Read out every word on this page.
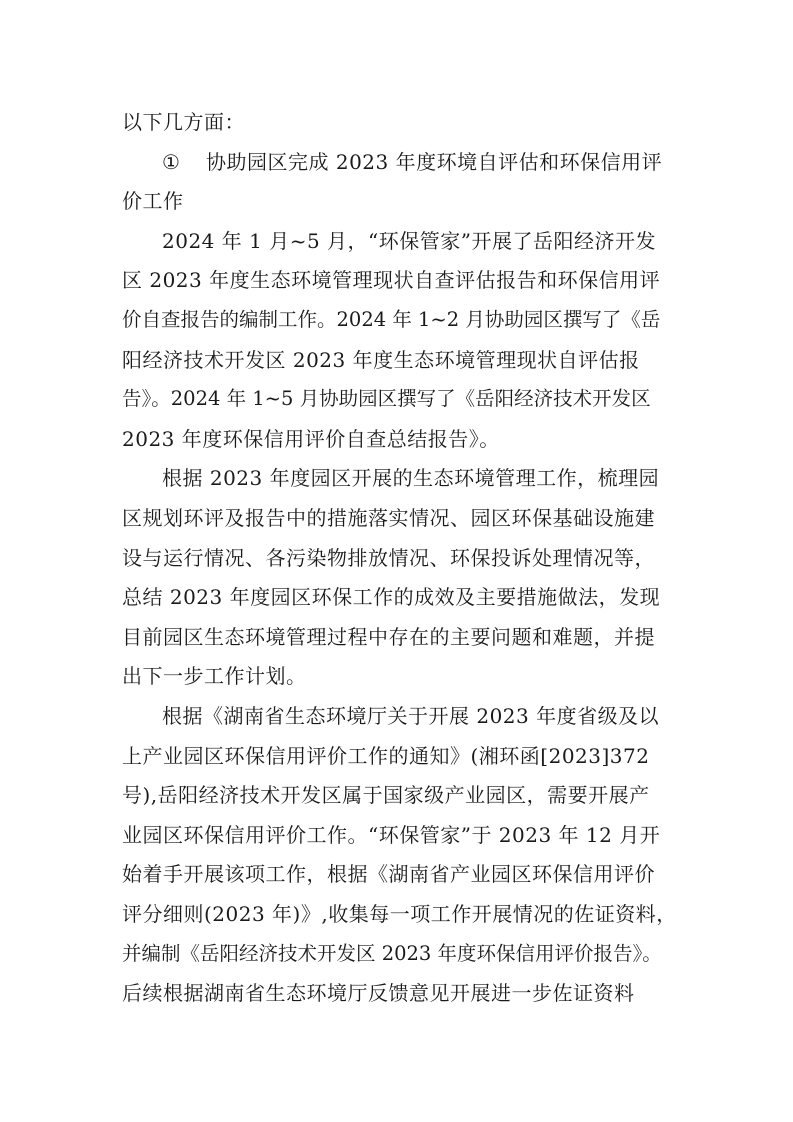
以下几方面：
① 协助园区完成 2023 年度环境自评估和环保信用评
价工作
2024 年 1 月~5 月，“环保管家”开展了岳阳经济开发
区 2023 年度生态环境管理现状自查评估报告和环保信用评
价自查报告的编制工作。2024 年 1~2 月协助园区撰写了《岳
阳经济技术开发区 2023 年度生态环境管理现状自评估报
告》。2024 年 1~5 月协助园区撰写了《岳阳经济技术开发区
2023 年度环保信用评价自查总结报告》。
根据 2023 年度园区开展的生态环境管理工作，梳理园
区规划环评及报告中的措施落实情况、园区环保基础设施建
设与运行情况、各污染物排放情况、环保投诉处理情况等，
总结 2023 年度园区环保工作的成效及主要措施做法，发现
目前园区生态环境管理过程中存在的主要问题和难题，并提
出下一步工作计划。
根据《湖南省生态环境厅关于开展 2023 年度省级及以
上产业园区环保信用评价工作的通知》(湘环函[2023]372
号),岳阳经济技术开发区属于国家级产业园区，需要开展产
业园区环保信用评价工作。“环保管家”于 2023 年 12 月开
始着手开展该项工作，根据《湖南省产业园区环保信用评价
评分细则(2023 年)》,收集每一项工作开展情况的佐证资料，
并编制《岳阳经济技术开发区 2023 年度环保信用评价报告》。
后续根据湖南省生态环境厅反馈意见开展进一步佐证资料
